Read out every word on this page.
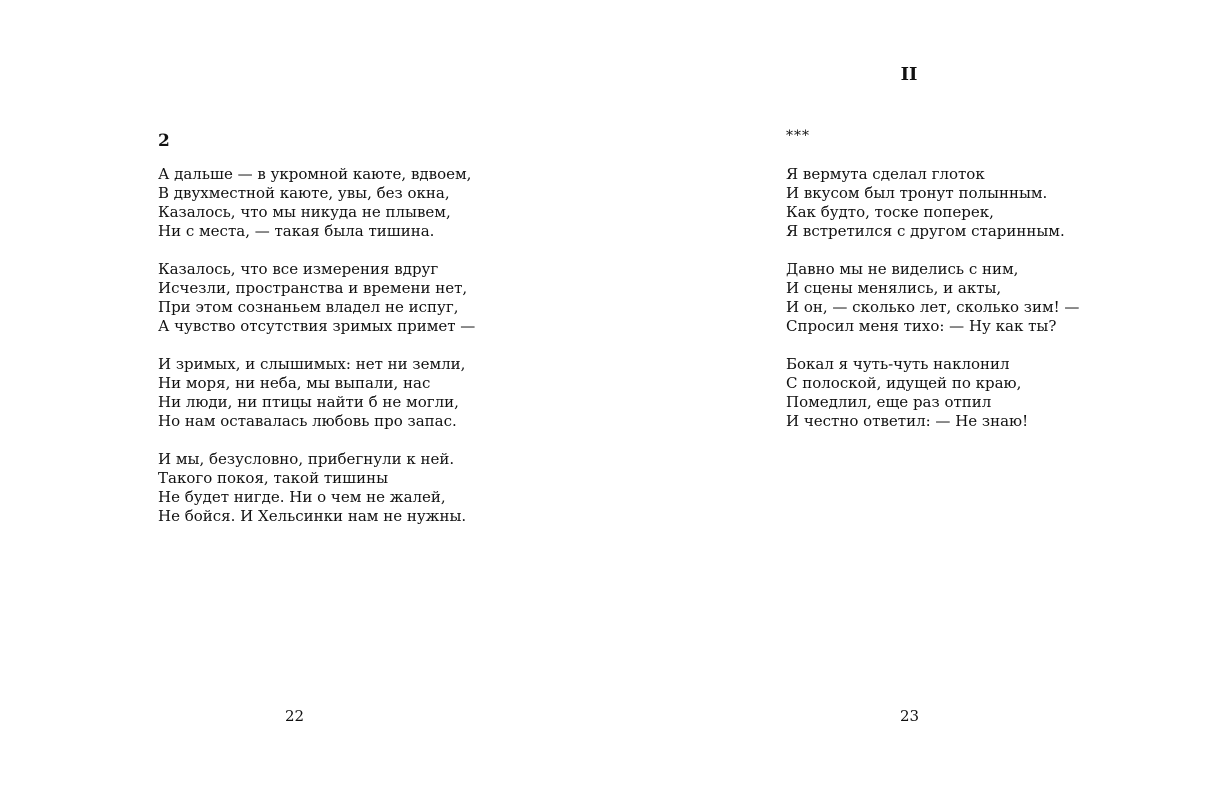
2
А дальше — в укромной каюте, вдвоем,
В двухместной каюте, увы, без окна,
Казалось, что мы никуда не плывем,
Ни с места, — такая была тишина.
Казалось, что все измерения вдруг
Исчезли, пространства и времени нет,
При этом сознаньем владел не испуг,
А чувство отсутствия зримых примет —
И зримых, и слышимых: нет ни земли,
Ни моря, ни неба, мы выпали, нас
Ни люди, ни птицы найти б не могли,
Но нам оставалась любовь про запас.
И мы, безусловно, прибегнули к ней.
Такого покоя, такой тишины
Не будет нигде. Ни о чем не жалей,
Не бойся. И Хельсинки нам не нужны.
22
II
***
Я вермута сделал глоток
И вкусом был тронут полынным.
Как будто, тоске поперек,
Я встретился с другом старинным.
Давно мы не виделись с ним,
И сцены менялись, и акты,
И он, — сколько лет, сколько зим! —
Спросил меня тихо: — Ну как ты?
Бокал я чуть-чуть наклонил
С полоской, идущей по краю,
Помедлил, еще раз отпил
И честно ответил: — Не знаю!
23
